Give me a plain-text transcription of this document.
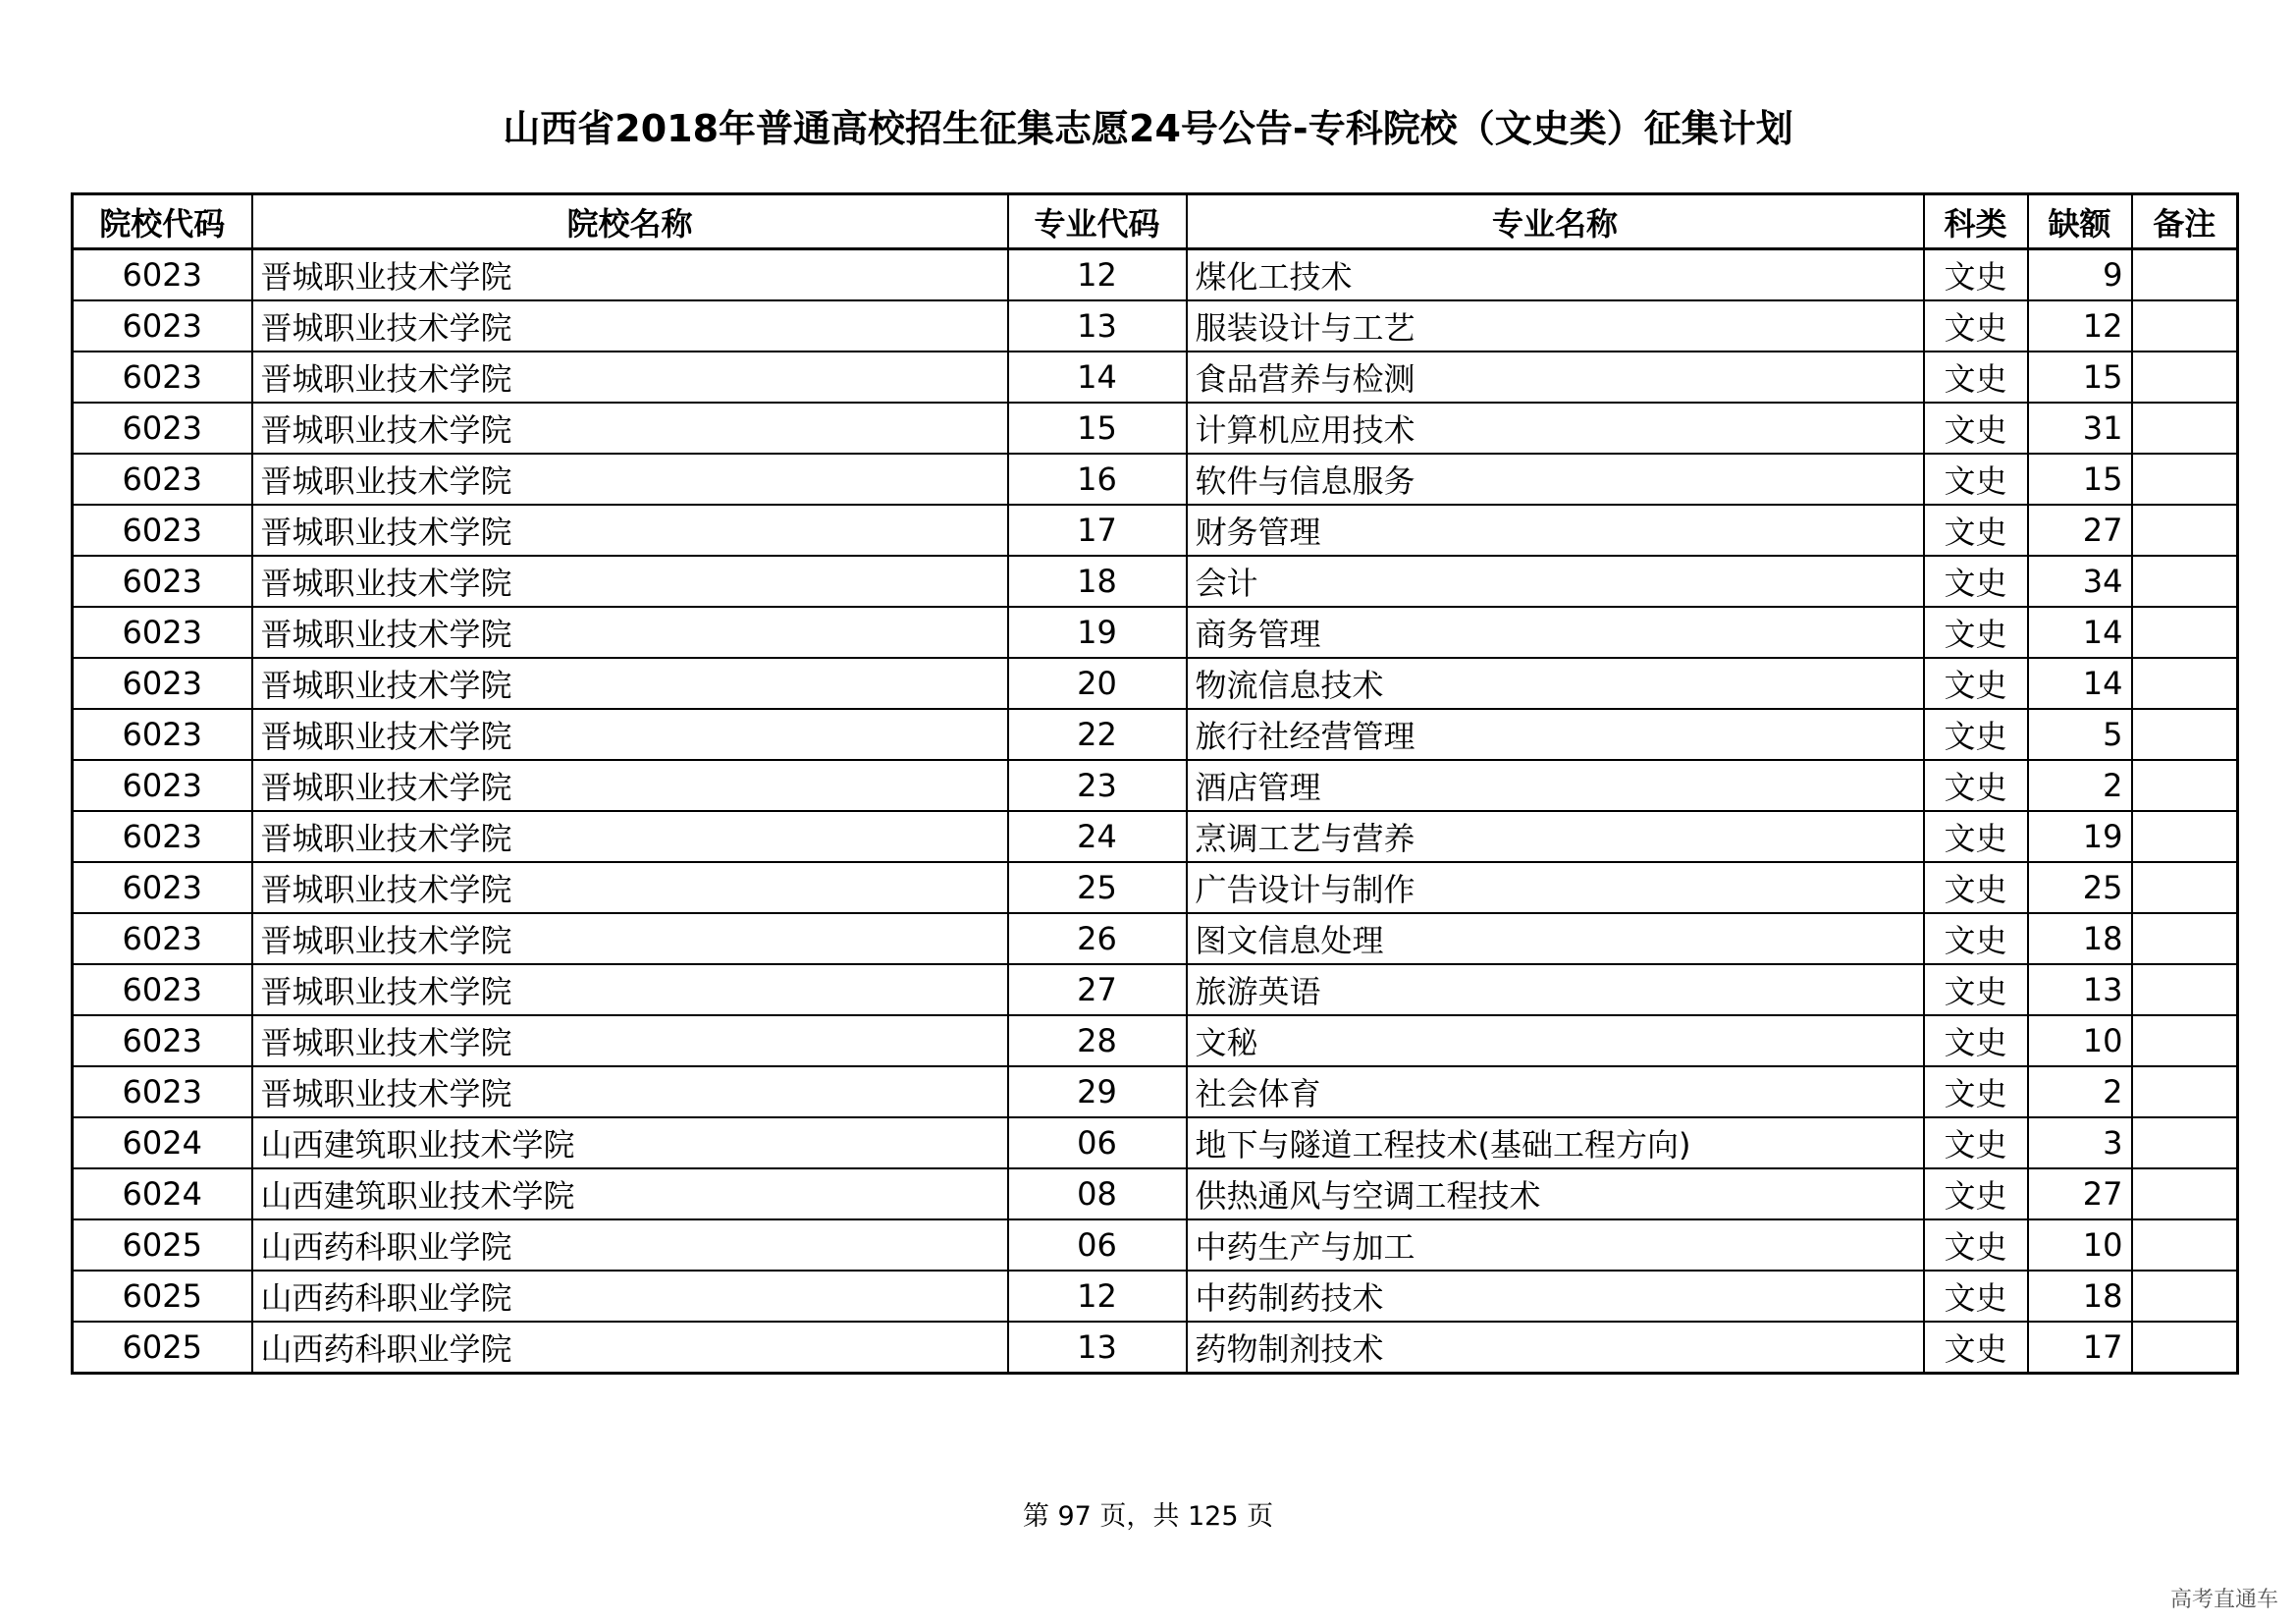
山西省2018年普通高校招生征集志愿24号公告-专科院校（文史类）征集计划
院校代码	院校名称	专业代码	专业名称	科类	缺额	备注
6023	晋城职业技术学院	12	煤化工技术	文史	9	
6023	晋城职业技术学院	13	服装设计与工艺	文史	12	
6023	晋城职业技术学院	14	食品营养与检测	文史	15	
6023	晋城职业技术学院	15	计算机应用技术	文史	31	
6023	晋城职业技术学院	16	软件与信息服务	文史	15	
6023	晋城职业技术学院	17	财务管理	文史	27	
6023	晋城职业技术学院	18	会计	文史	34	
6023	晋城职业技术学院	19	商务管理	文史	14	
6023	晋城职业技术学院	20	物流信息技术	文史	14	
6023	晋城职业技术学院	22	旅行社经营管理	文史	5	
6023	晋城职业技术学院	23	酒店管理	文史	2	
6023	晋城职业技术学院	24	烹调工艺与营养	文史	19	
6023	晋城职业技术学院	25	广告设计与制作	文史	25	
6023	晋城职业技术学院	26	图文信息处理	文史	18	
6023	晋城职业技术学院	27	旅游英语	文史	13	
6023	晋城职业技术学院	28	文秘	文史	10	
6023	晋城职业技术学院	29	社会体育	文史	2	
6024	山西建筑职业技术学院	06	地下与隧道工程技术(基础工程方向)	文史	3	
6024	山西建筑职业技术学院	08	供热通风与空调工程技术	文史	27	
6025	山西药科职业学院	06	中药生产与加工	文史	10	
6025	山西药科职业学院	12	中药制药技术	文史	18	
6025	山西药科职业学院	13	药物制剂技术	文史	17	
第 97 页，共 125 页
高考直通车
